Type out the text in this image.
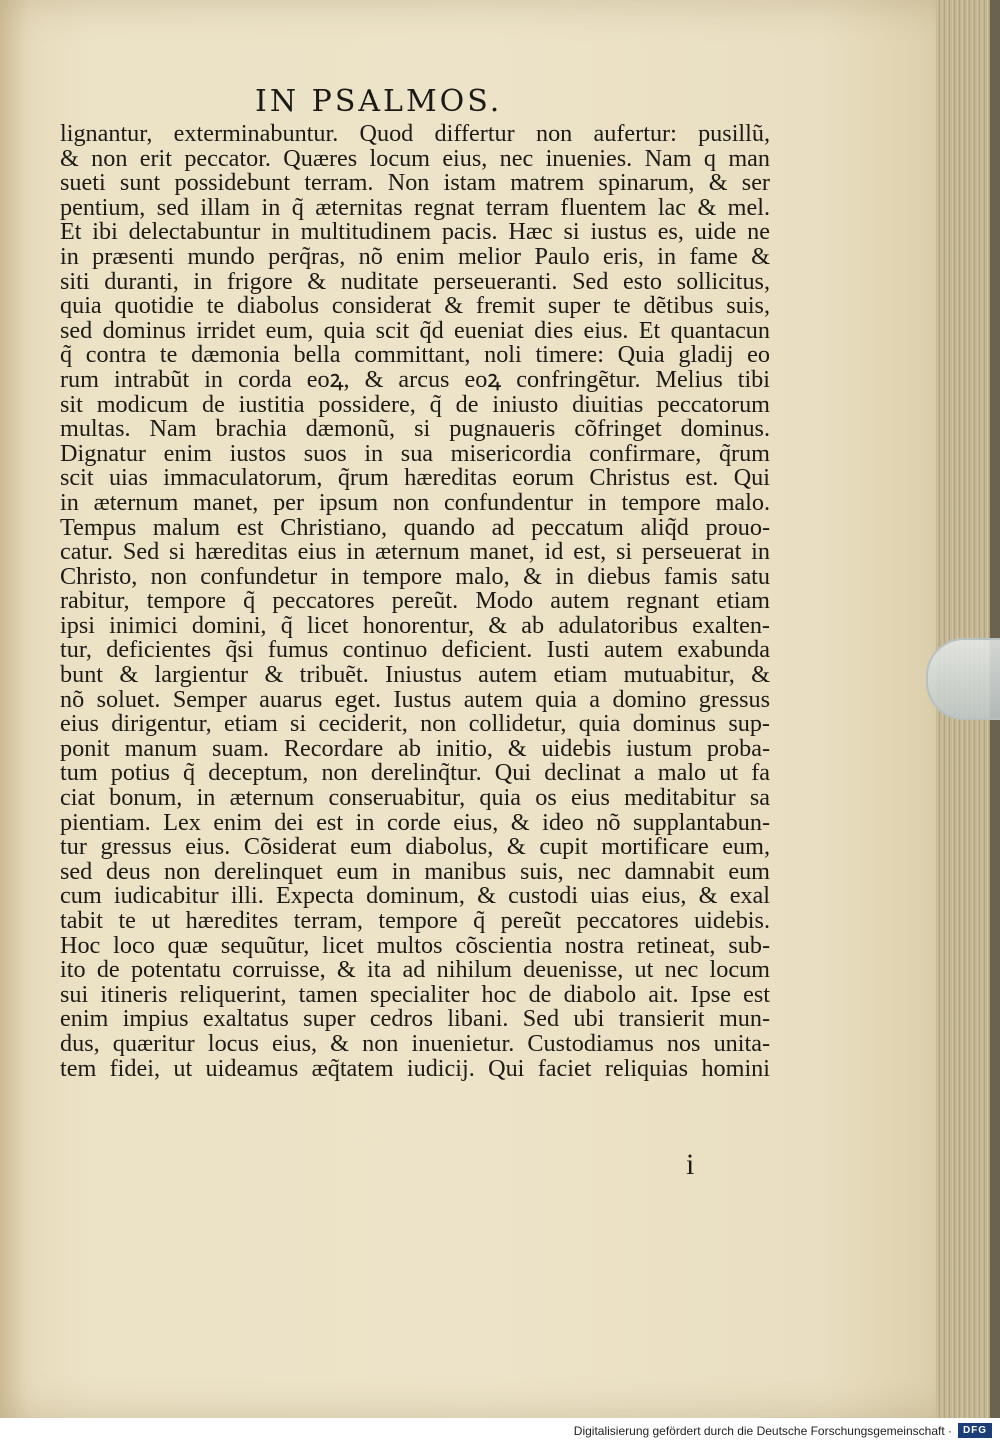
IN PSALMOS.
lignantur, exterminabuntur. Quod differtur non aufertur: pusillũ,
& non erit peccator. Quæres locum eius, nec inuenies. Nam q man
sueti sunt possidebunt terram. Non istam matrem spinarum, & ser
pentium, sed illam in q̃ æternitas regnat terram fluentem lac & mel.
Et ibi delectabuntur in multitudinem pacis. Hæc si iustus es, uide ne
in præsenti mundo perq̃ras, nõ enim melior Paulo eris, in fame &
siti duranti, in frigore & nuditate perseueranti. Sed esto sollicitus,
quia quotidie te diabolus considerat & fremit super te dẽtibus suis,
sed dominus irridet eum, quia scit q̃d eueniat dies eius. Et quantacun
q̃ contra te dæmonia bella committant, noli timere: Quia gladij eo
rum intrabũt in corda eoꝝ, & arcus eoꝝ confringẽtur. Melius tibi
sit modicum de iustitia possidere, q̃ de iniusto diuitias peccatorum
multas. Nam brachia dæmonũ, si pugnaueris cõfringet dominus.
Dignatur enim iustos suos in sua misericordia confirmare, q̃rum
scit uias immaculatorum, q̃rum hæreditas eorum Christus est. Qui
in æternum manet, per ipsum non confundentur in tempore malo.
Tempus malum est Christiano, quando ad peccatum aliq̃d prouo-
catur. Sed si hæreditas eius in æternum manet, id est, si perseuerat in
Christo, non confundetur in tempore malo, & in diebus famis satu
rabitur, tempore q̃ peccatores pereũt. Modo autem regnant etiam
ipsi inimici domini, q̃ licet honorentur, & ab adulatoribus exalten-
tur, deficientes q̃si fumus continuo deficient. Iusti autem exabunda
bunt & largientur & tribuẽt. Iniustus autem etiam mutuabitur, &
nõ soluet. Semper auarus eget. Iustus autem quia a domino gressus
eius dirigentur, etiam si ceciderit, non collidetur, quia dominus sup-
ponit manum suam. Recordare ab initio, & uidebis iustum proba-
tum potius q̃ deceptum, non derelinq̃tur. Qui declinat a malo ut fa
ciat bonum, in æternum conseruabitur, quia os eius meditabitur sa
pientiam. Lex enim dei est in corde eius, & ideo nõ supplantabun-
tur gressus eius. Cõsiderat eum diabolus, & cupit mortificare eum,
sed deus non derelinquet eum in manibus suis, nec damnabit eum
cum iudicabitur illi. Expecta dominum, & custodi uias eius, & exal
tabit te ut hæredites terram, tempore q̃ pereũt peccatores uidebis.
Hoc loco quæ sequũtur, licet multos cõscientia nostra retineat, sub-
ito de potentatu corruisse, & ita ad nihilum deuenisse, ut nec locum
sui itineris reliquerint, tamen specialiter hoc de diabolo ait. Ipse est
enim impius exaltatus super cedros libani. Sed ubi transierit mun-
dus, quæritur locus eius, & non inuenietur. Custodiamus nos unita-
tem fidei, ut uideamus æq̃tatem iudicij. Qui faciet reliquias homini
i
Digitalisierung gefördert durch die Deutsche Forschungsgemeinschaft ·	DFG
